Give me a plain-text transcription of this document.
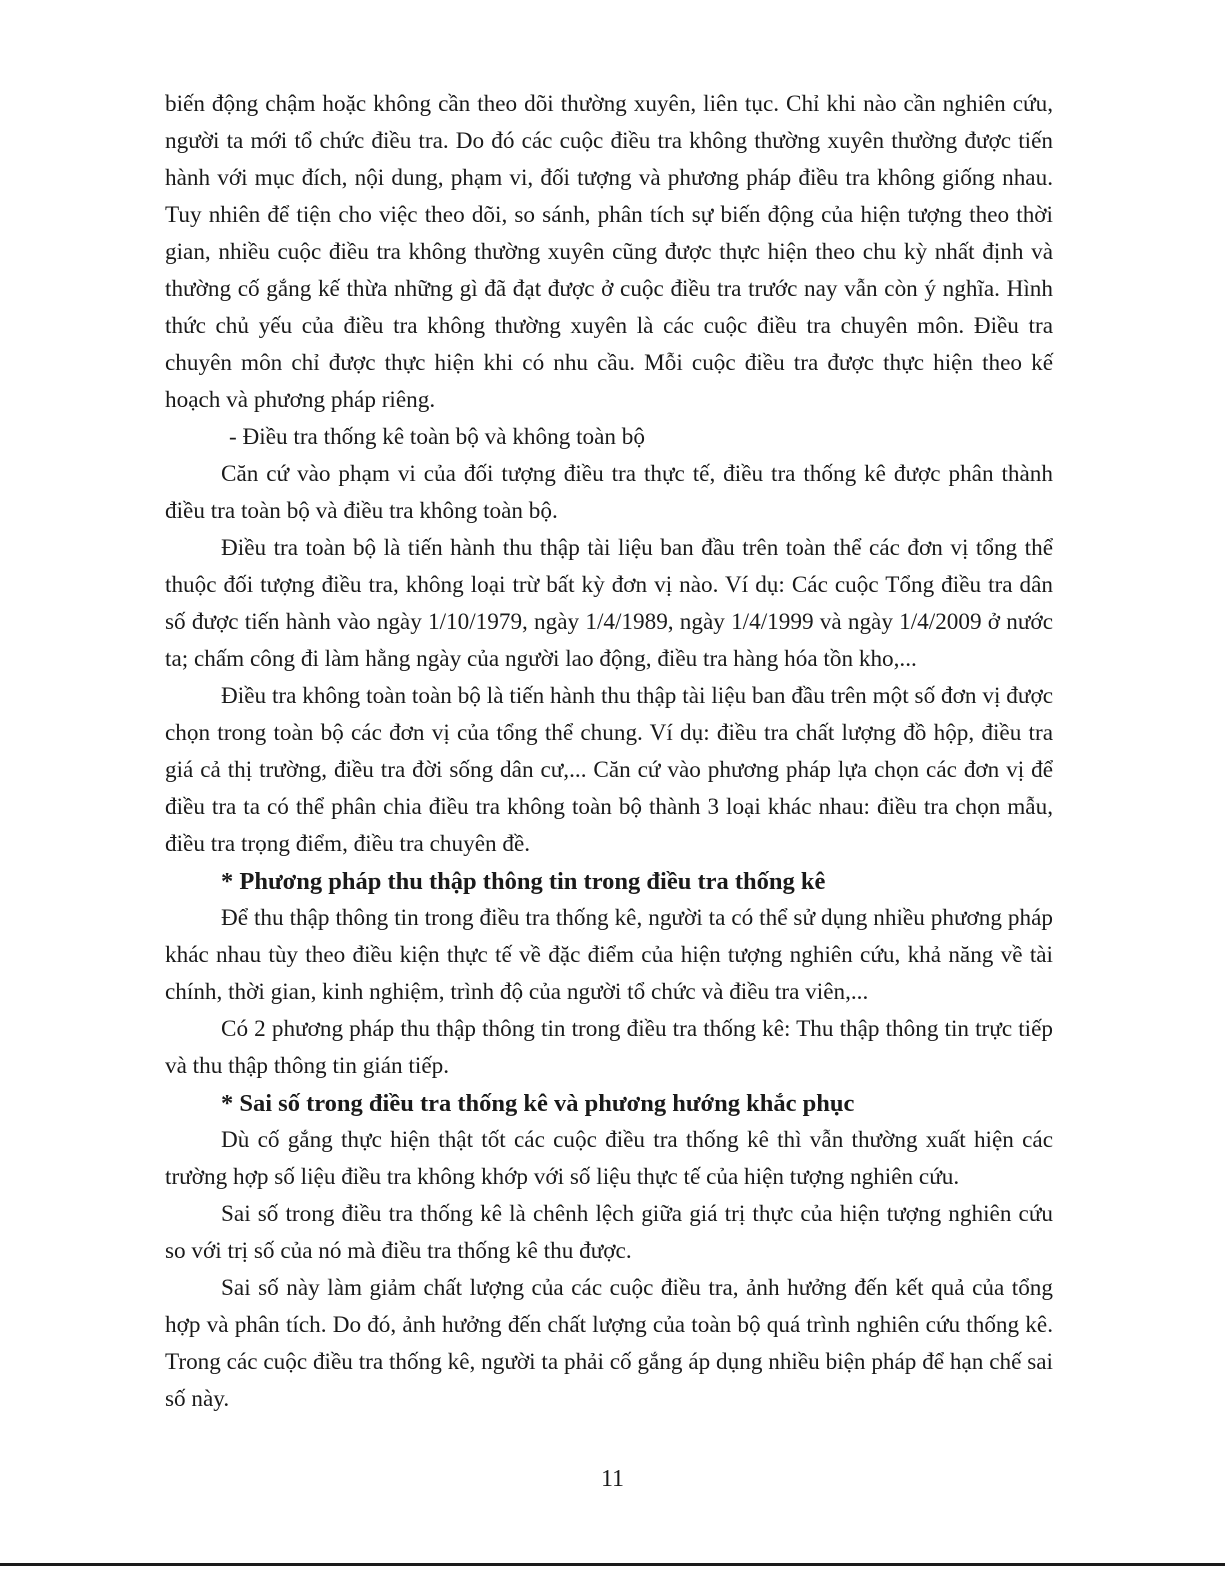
biến động chậm hoặc không cần theo dõi thường xuyên, liên tục. Chỉ khi nào cần nghiên cứu, người ta mới tổ chức điều tra. Do đó các cuộc điều tra không thường xuyên thường được tiến hành với mục đích, nội dung, phạm vi, đối tượng và phương pháp điều tra không giống nhau. Tuy nhiên để tiện cho việc theo dõi, so sánh, phân tích sự biến động của hiện tượng theo thời gian, nhiều cuộc điều tra không thường xuyên cũng được thực hiện theo chu kỳ nhất định và thường cố gắng kế thừa những gì đã đạt được ở cuộc điều tra trước nay vẫn còn ý nghĩa. Hình thức chủ yếu của điều tra không thường xuyên là các cuộc điều tra chuyên môn. Điều tra chuyên môn chỉ được thực hiện khi có nhu cầu. Mỗi cuộc điều tra được thực hiện theo kế hoạch và phương pháp riêng.

- Điều tra thống kê toàn bộ và không toàn bộ

Căn cứ vào phạm vi của đối tượng điều tra thực tế, điều tra thống kê được phân thành điều tra toàn bộ và điều tra không toàn bộ.

Điều tra toàn bộ là tiến hành thu thập tài liệu ban đầu trên toàn thể các đơn vị tổng thể thuộc đối tượng điều tra, không loại trừ bất kỳ đơn vị nào. Ví dụ: Các cuộc Tổng điều tra dân số được tiến hành vào ngày 1/10/1979, ngày 1/4/1989, ngày 1/4/1999 và ngày 1/4/2009 ở nước ta; chấm công đi làm hằng ngày của người lao động, điều tra hàng hóa tồn kho,...

Điều tra không toàn toàn bộ là tiến hành thu thập tài liệu ban đầu trên một số đơn vị được chọn trong toàn bộ các đơn vị của tổng thể chung. Ví dụ: điều tra chất lượng đồ hộp, điều tra giá cả thị trường, điều tra đời sống dân cư,... Căn cứ vào phương pháp lựa chọn các đơn vị để điều tra ta có thể phân chia điều tra không toàn bộ thành 3 loại khác nhau: điều tra chọn mẫu, điều tra trọng điểm, điều tra chuyên đề.

* Phương pháp thu thập thông tin trong điều tra thống kê

Để thu thập thông tin trong điều tra thống kê, người ta có thể sử dụng nhiều phương pháp khác nhau tùy theo điều kiện thực tế về đặc điểm của hiện tượng nghiên cứu, khả năng về tài chính, thời gian, kinh nghiệm, trình độ của người tổ chức và điều tra viên,...

Có 2 phương pháp thu thập thông tin trong điều tra thống kê: Thu thập thông tin trực tiếp và thu thập thông tin gián tiếp.

* Sai số trong điều tra thống kê và phương hướng khắc phục

Dù cố gắng thực hiện thật tốt các cuộc điều tra thống kê thì vẫn thường xuất hiện các trường hợp số liệu điều tra không khớp với số liệu thực tế của hiện tượng nghiên cứu.

Sai số trong điều tra thống kê là chênh lệch giữa giá trị thực của hiện tượng nghiên cứu so với trị số của nó mà điều tra thống kê thu được.

Sai số này làm giảm chất lượng của các cuộc điều tra, ảnh hưởng đến kết quả của tổng hợp và phân tích. Do đó, ảnh hưởng đến chất lượng của toàn bộ quá trình nghiên cứu thống kê. Trong các cuộc điều tra thống kê, người ta phải cố gắng áp dụng nhiều biện pháp để hạn chế sai số này.

11
